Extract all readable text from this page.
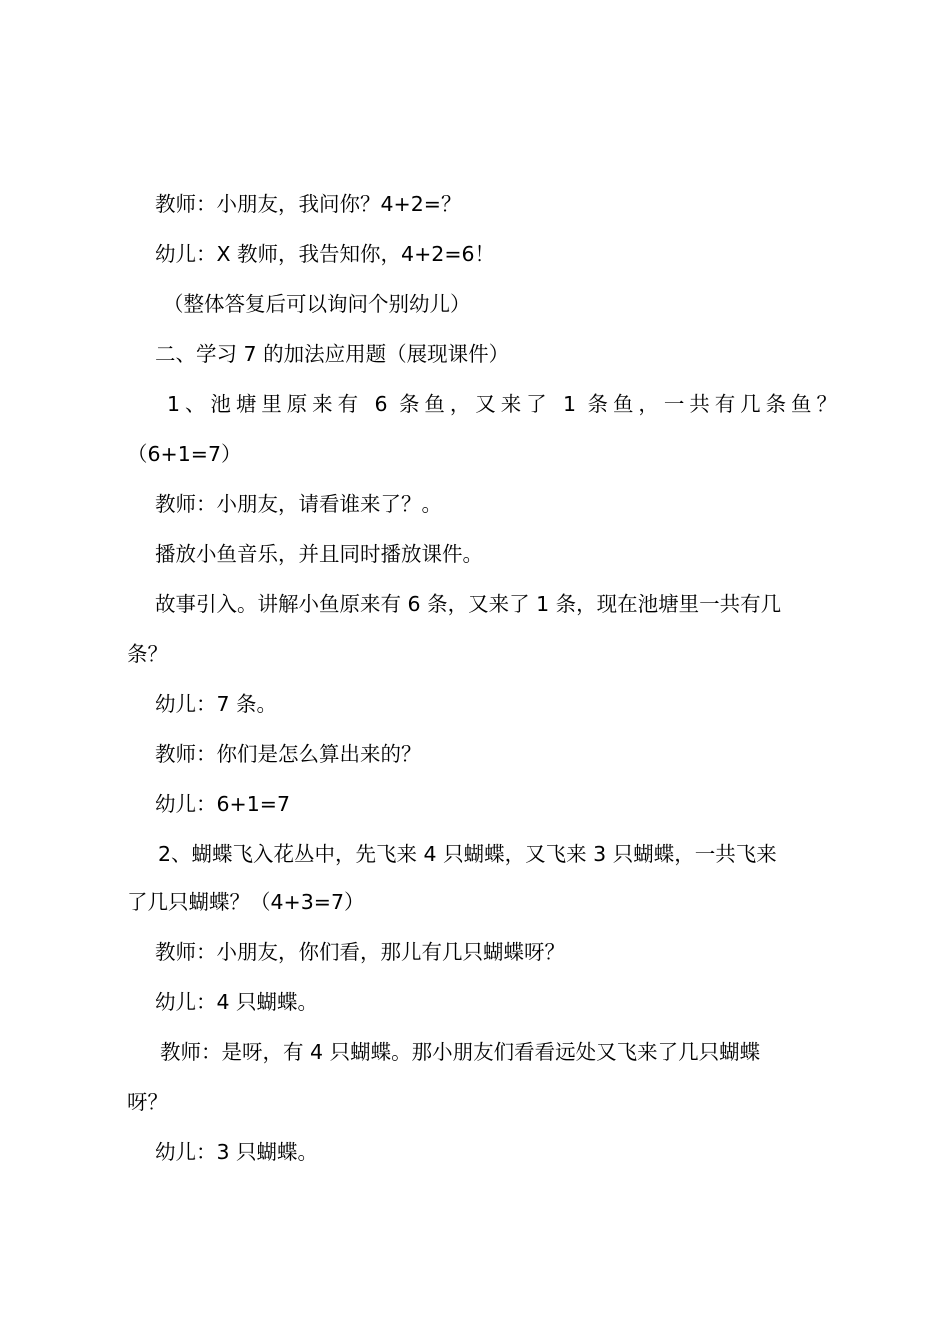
教师：小朋友，我问你？4+2=？
幼儿：X 教师，我告知你，4+2=6！
（整体答复后可以询问个别幼儿）
二、学习 7 的加法应用题（展现课件）
1、池塘里原来有 6 条鱼，又来了 1 条鱼，一共有几条鱼？
（6+1=7）
教师：小朋友，请看谁来了？。
播放小鱼音乐，并且同时播放课件。
故事引入。讲解小鱼原来有 6 条，又来了 1 条，现在池塘里一共有几
条？
幼儿：7 条。
教师：你们是怎么算出来的？
幼儿：6+1=7
2、蝴蝶飞入花丛中，先飞来 4 只蝴蝶，又飞来 3 只蝴蝶，一共飞来
了几只蝴蝶？（4+3=7）
教师：小朋友，你们看，那儿有几只蝴蝶呀？
幼儿：4 只蝴蝶。
教师：是呀，有 4 只蝴蝶。那小朋友们看看远处又飞来了几只蝴蝶
呀？
幼儿：3 只蝴蝶。
